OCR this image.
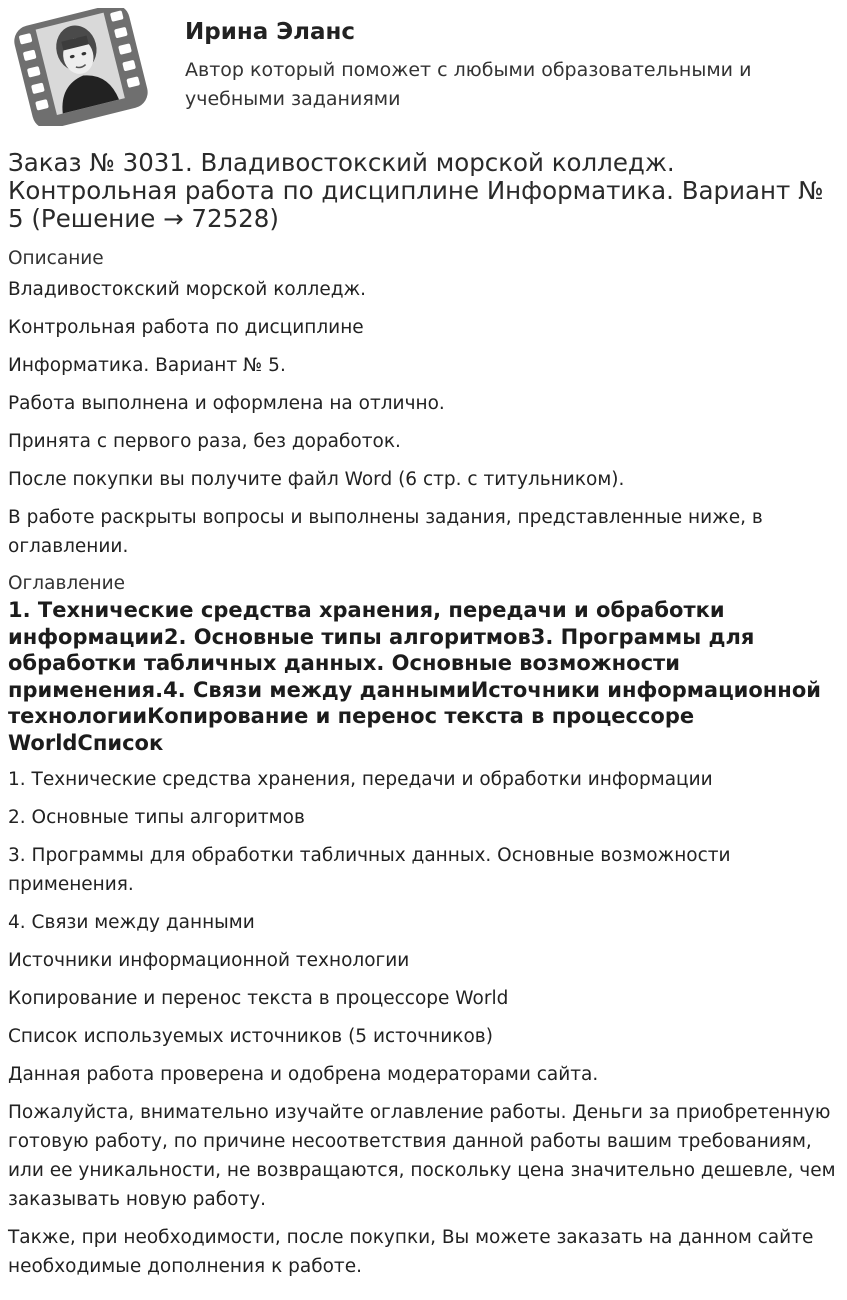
Ирина Эланс
Автор который поможет с любыми образовательными и учебными заданиями
Заказ № 3031. Владивостокский морской колледж. Контрольная работа по дисциплине Информатика. Вариант № 5 (Решение → 72528)
Описание

Владивостокский морской колледж.

Контрольная работа по дисциплине

Информатика. Вариант № 5.

Работа выполнена и оформлена на отлично.

Принята с первого раза, без доработок.

После покупки вы получите файл Word (6 стр. с титульником).

В работе раскрыты вопросы и выполнены задания, представленные ниже, в оглавлении.

Оглавление
1. Технические средства хранения, передачи и обработки информации2. Основные типы алгоритмов3. Программы для обработки табличных данных. Основные возможности применения.4. Связи между даннымиИсточники информационной технологииКопирование и перенос текста в процессоре WorldСписок

1. Технические средства хранения, передачи и обработки информации

2. Основные типы алгоритмов

3. Программы для обработки табличных данных. Основные возможности применения.

4. Связи между данными

Источники информационной технологии

Копирование и перенос текста в процессоре World

Список используемых источников (5 источников)

Данная работа проверена и одобрена модераторами сайта.

Пожалуйста, внимательно изучайте оглавление работы. Деньги за приобретенную готовую работу, по причине несоответствия данной работы вашим требованиям, или ее уникальности, не возвращаются, поскольку цена значительно дешевле, чем заказывать новую работу.

Также, при необходимости, после покупки, Вы можете заказать на данном сайте необходимые дополнения к работе.
